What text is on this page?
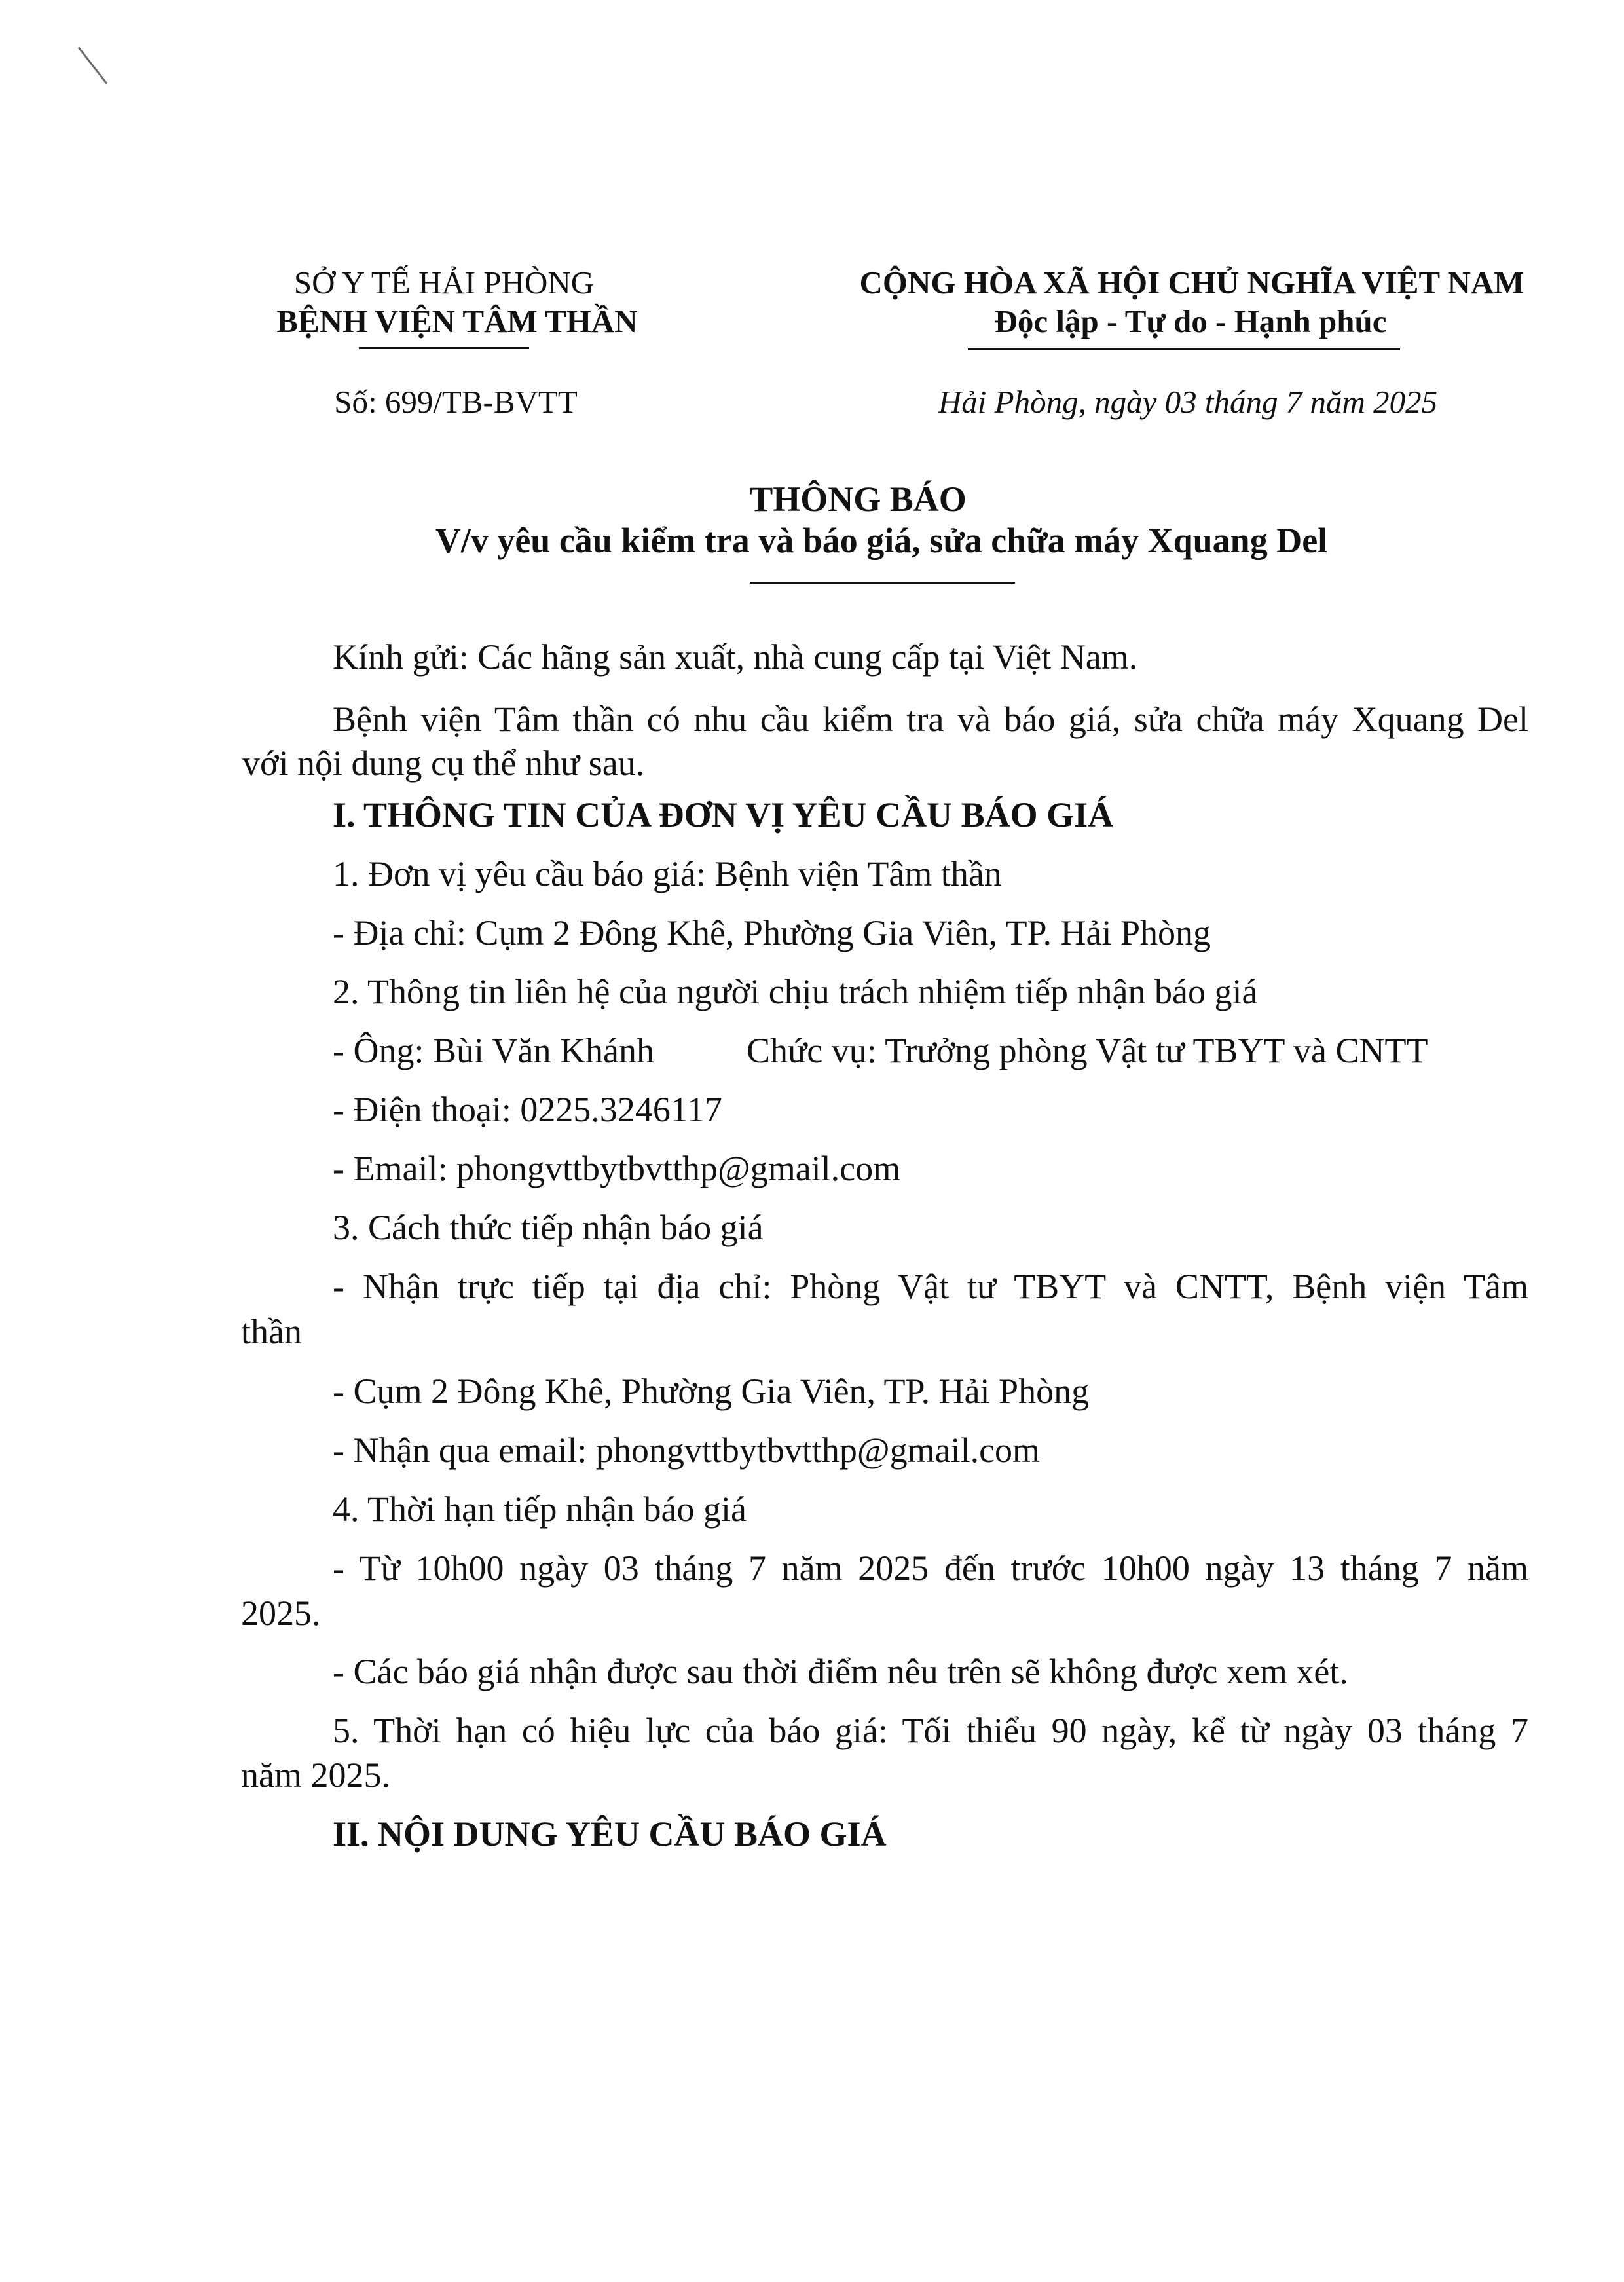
SỞ Y TẾ HẢI PHÒNG
BỆNH VIỆN TÂM THẦN
Số: 699/TB-BVTT
CỘNG HÒA XÃ HỘI CHỦ NGHĨA VIỆT NAM
Độc lập - Tự do - Hạnh phúc
Hải Phòng, ngày 03 tháng 7 năm 2025
THÔNG BÁO
V/v yêu cầu kiểm tra và báo giá, sửa chữa máy Xquang Del
Kính gửi: Các hãng sản xuất, nhà cung cấp tại Việt Nam.
Bệnh viện Tâm thần có nhu cầu kiểm tra và báo giá, sửa chữa máy Xquang Del
với nội dung cụ thể như sau.
I. THÔNG TIN CỦA ĐƠN VỊ YÊU CẦU BÁO GIÁ
1. Đơn vị yêu cầu báo giá: Bệnh viện Tâm thần
- Địa chỉ: Cụm 2 Đông Khê, Phường Gia Viên, TP. Hải Phòng
2. Thông tin liên hệ của người chịu trách nhiệm tiếp nhận báo giá
- Ông: Bùi Văn Khánh	Chức vụ: Trưởng phòng Vật tư TBYT và CNTT
- Điện thoại: 0225.3246117
- Email: phongvttbytbvtthp@gmail.com
3. Cách thức tiếp nhận báo giá
- Nhận trực tiếp tại địa chỉ: Phòng Vật tư TBYT và CNTT, Bệnh viện Tâm
thần
- Cụm 2 Đông Khê, Phường Gia Viên, TP. Hải Phòng
- Nhận qua email: phongvttbytbvtthp@gmail.com
4. Thời hạn tiếp nhận báo giá
- Từ 10h00 ngày 03 tháng 7 năm 2025 đến trước 10h00 ngày 13 tháng 7 năm
2025.
- Các báo giá nhận được sau thời điểm nêu trên sẽ không được xem xét.
5. Thời hạn có hiệu lực của báo giá: Tối thiểu 90 ngày, kể từ ngày 03 tháng 7
năm 2025.
II. NỘI DUNG YÊU CẦU BÁO GIÁ
